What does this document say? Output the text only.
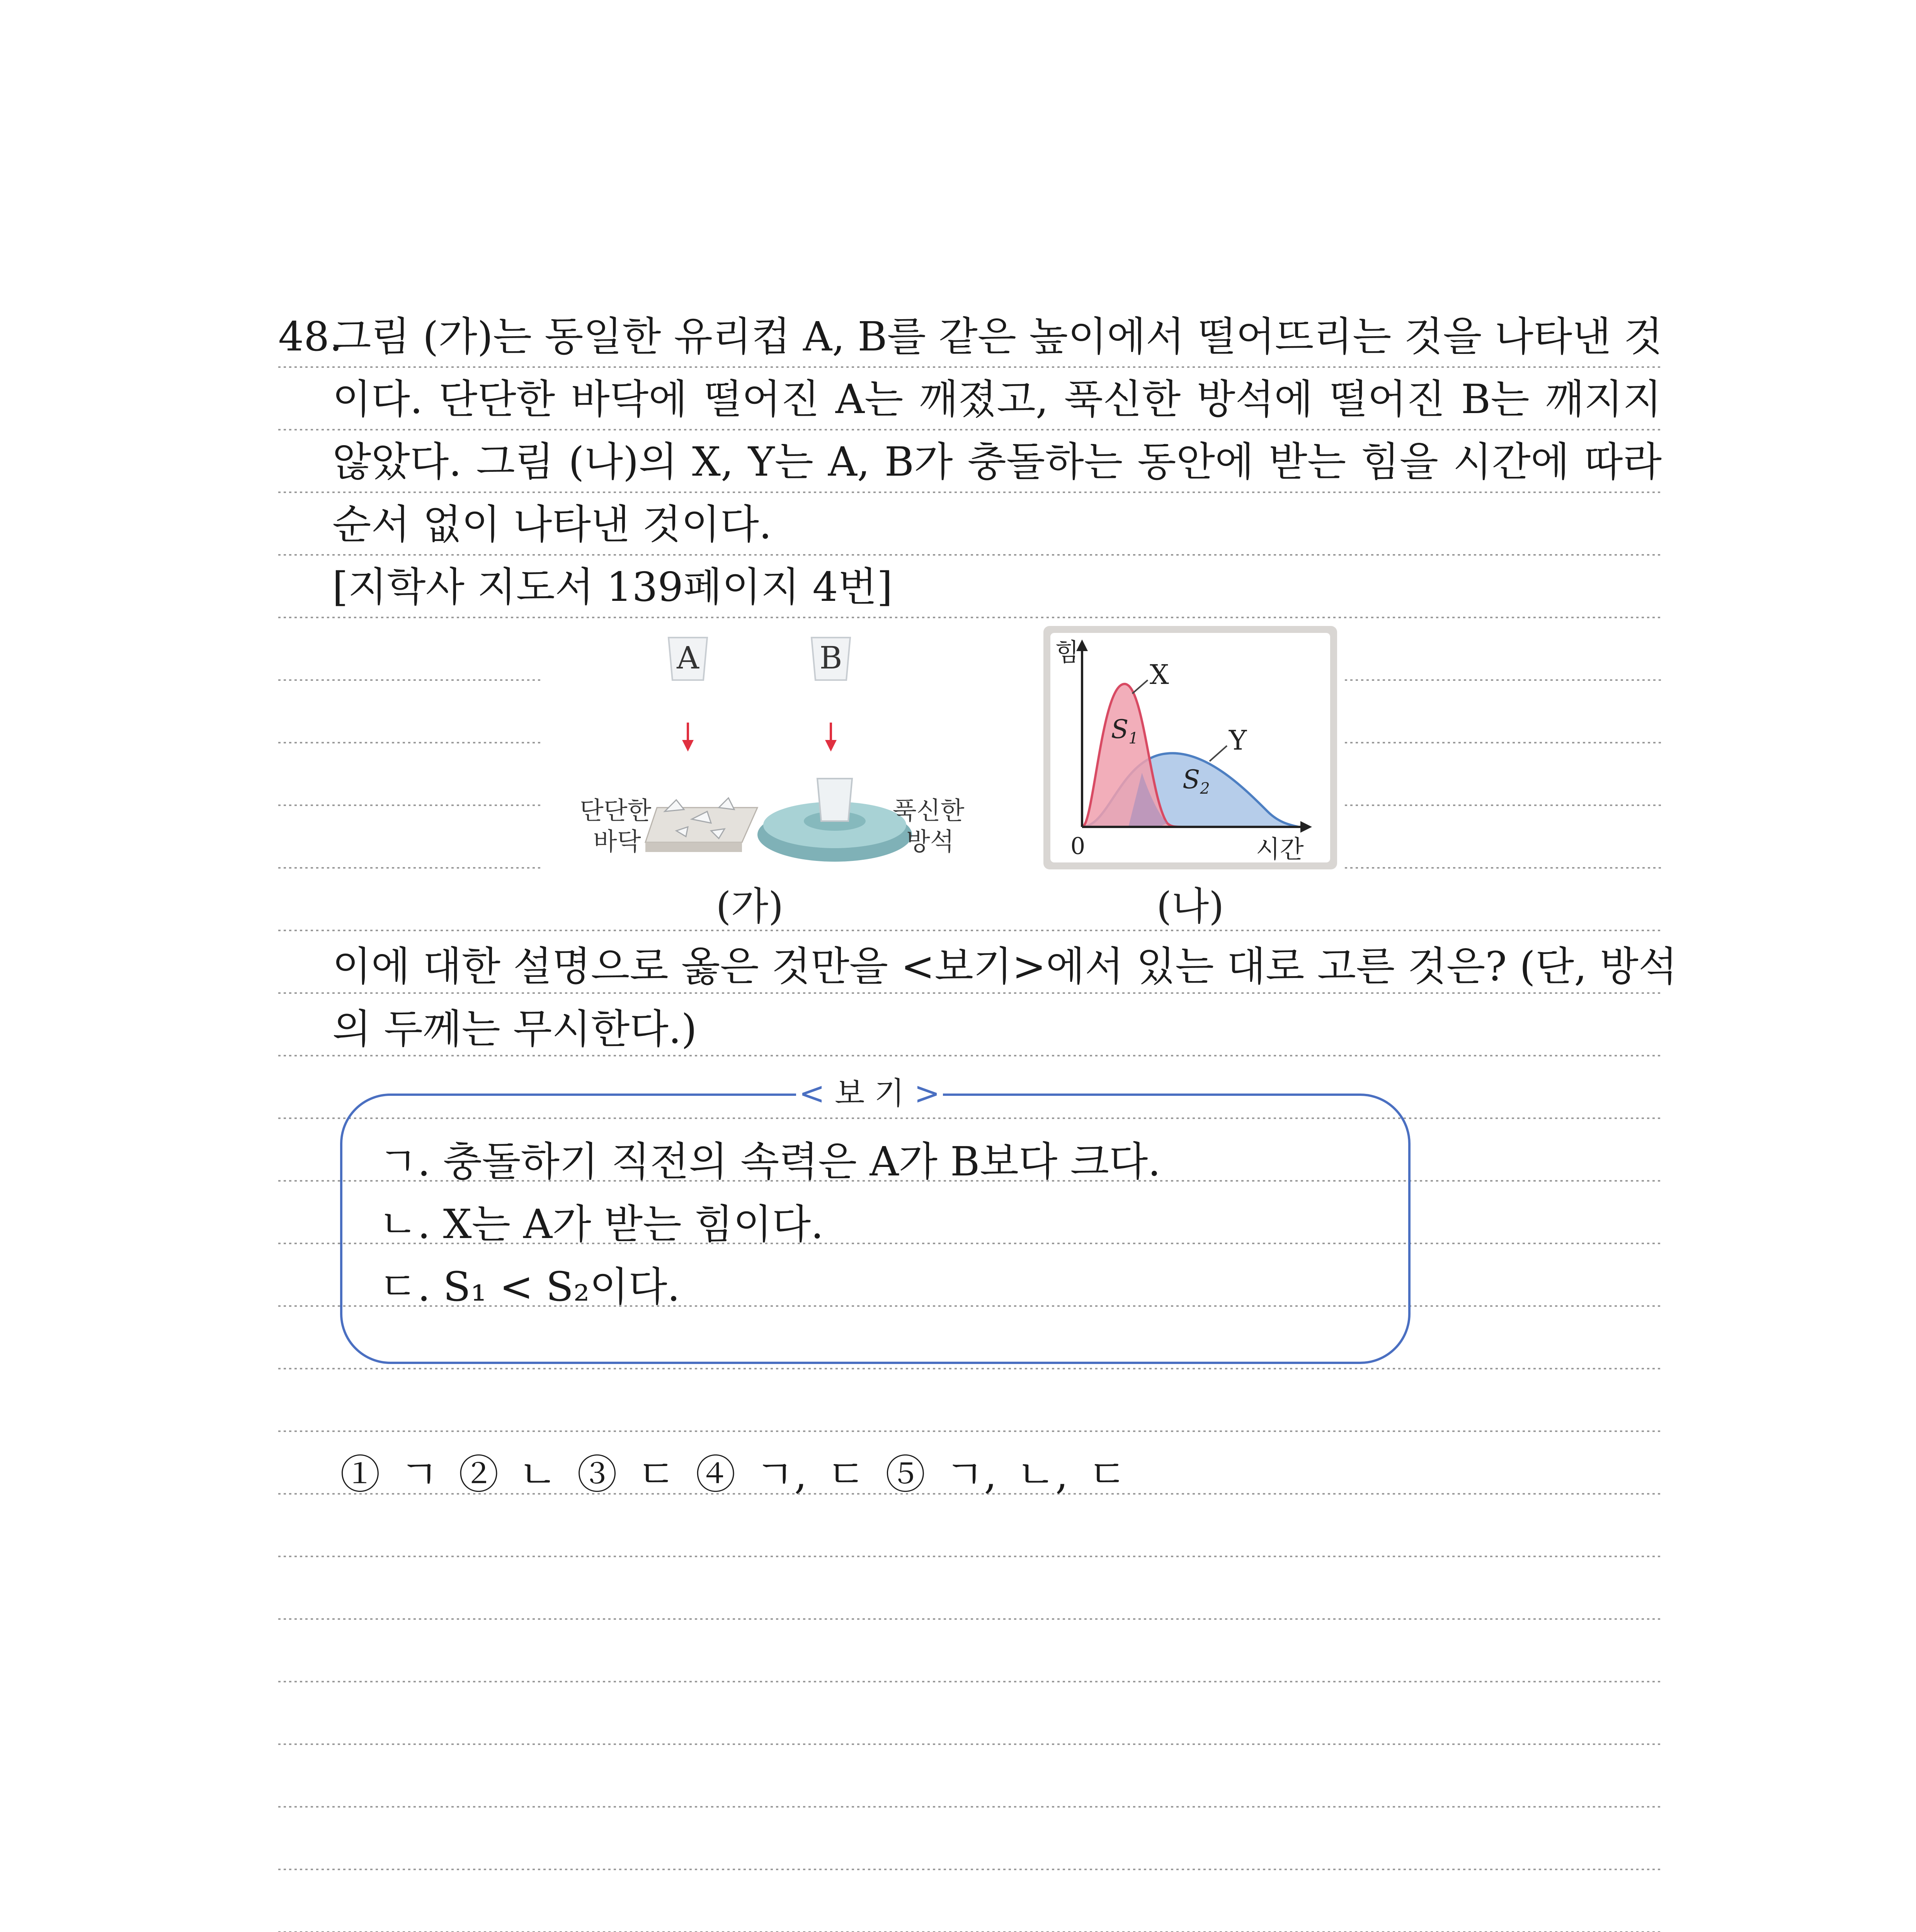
48.그림 (가)는 동일한 유리컵 A, B를 같은 높이에서 떨어뜨리는 것을 나타낸 것
이다. 단단한 바닥에 떨어진 A는 깨졌고, 푹신한 방석에 떨어진 B는 깨지지
않았다. 그림 (나)의 X, Y는 A, B가 충돌하는 동안에 받는 힘을 시간에 따라
순서 없이 나타낸 것이다.
[지학사 지도서 139페이지 4번]
A	B
단단한
바닥
푹신한
방석
(가)
힘
시간
0
X
Y
$S_1$
$S_2$
(나)
이에 대한 설명으로 옳은 것만을 <보기>에서 있는 대로 고른 것은? (단, 방석
의 두께는 무시한다.)
< 보 기 >
ㄱ. 충돌하기 직전의 속력은 A가 B보다 크다.
ㄴ. X는 A가 받는 힘이다.
ㄷ. S₁ < S₂이다.
① ㄱ ② ㄴ ③ ㄷ ④ ㄱ, ㄷ ⑤ ㄱ, ㄴ, ㄷ
